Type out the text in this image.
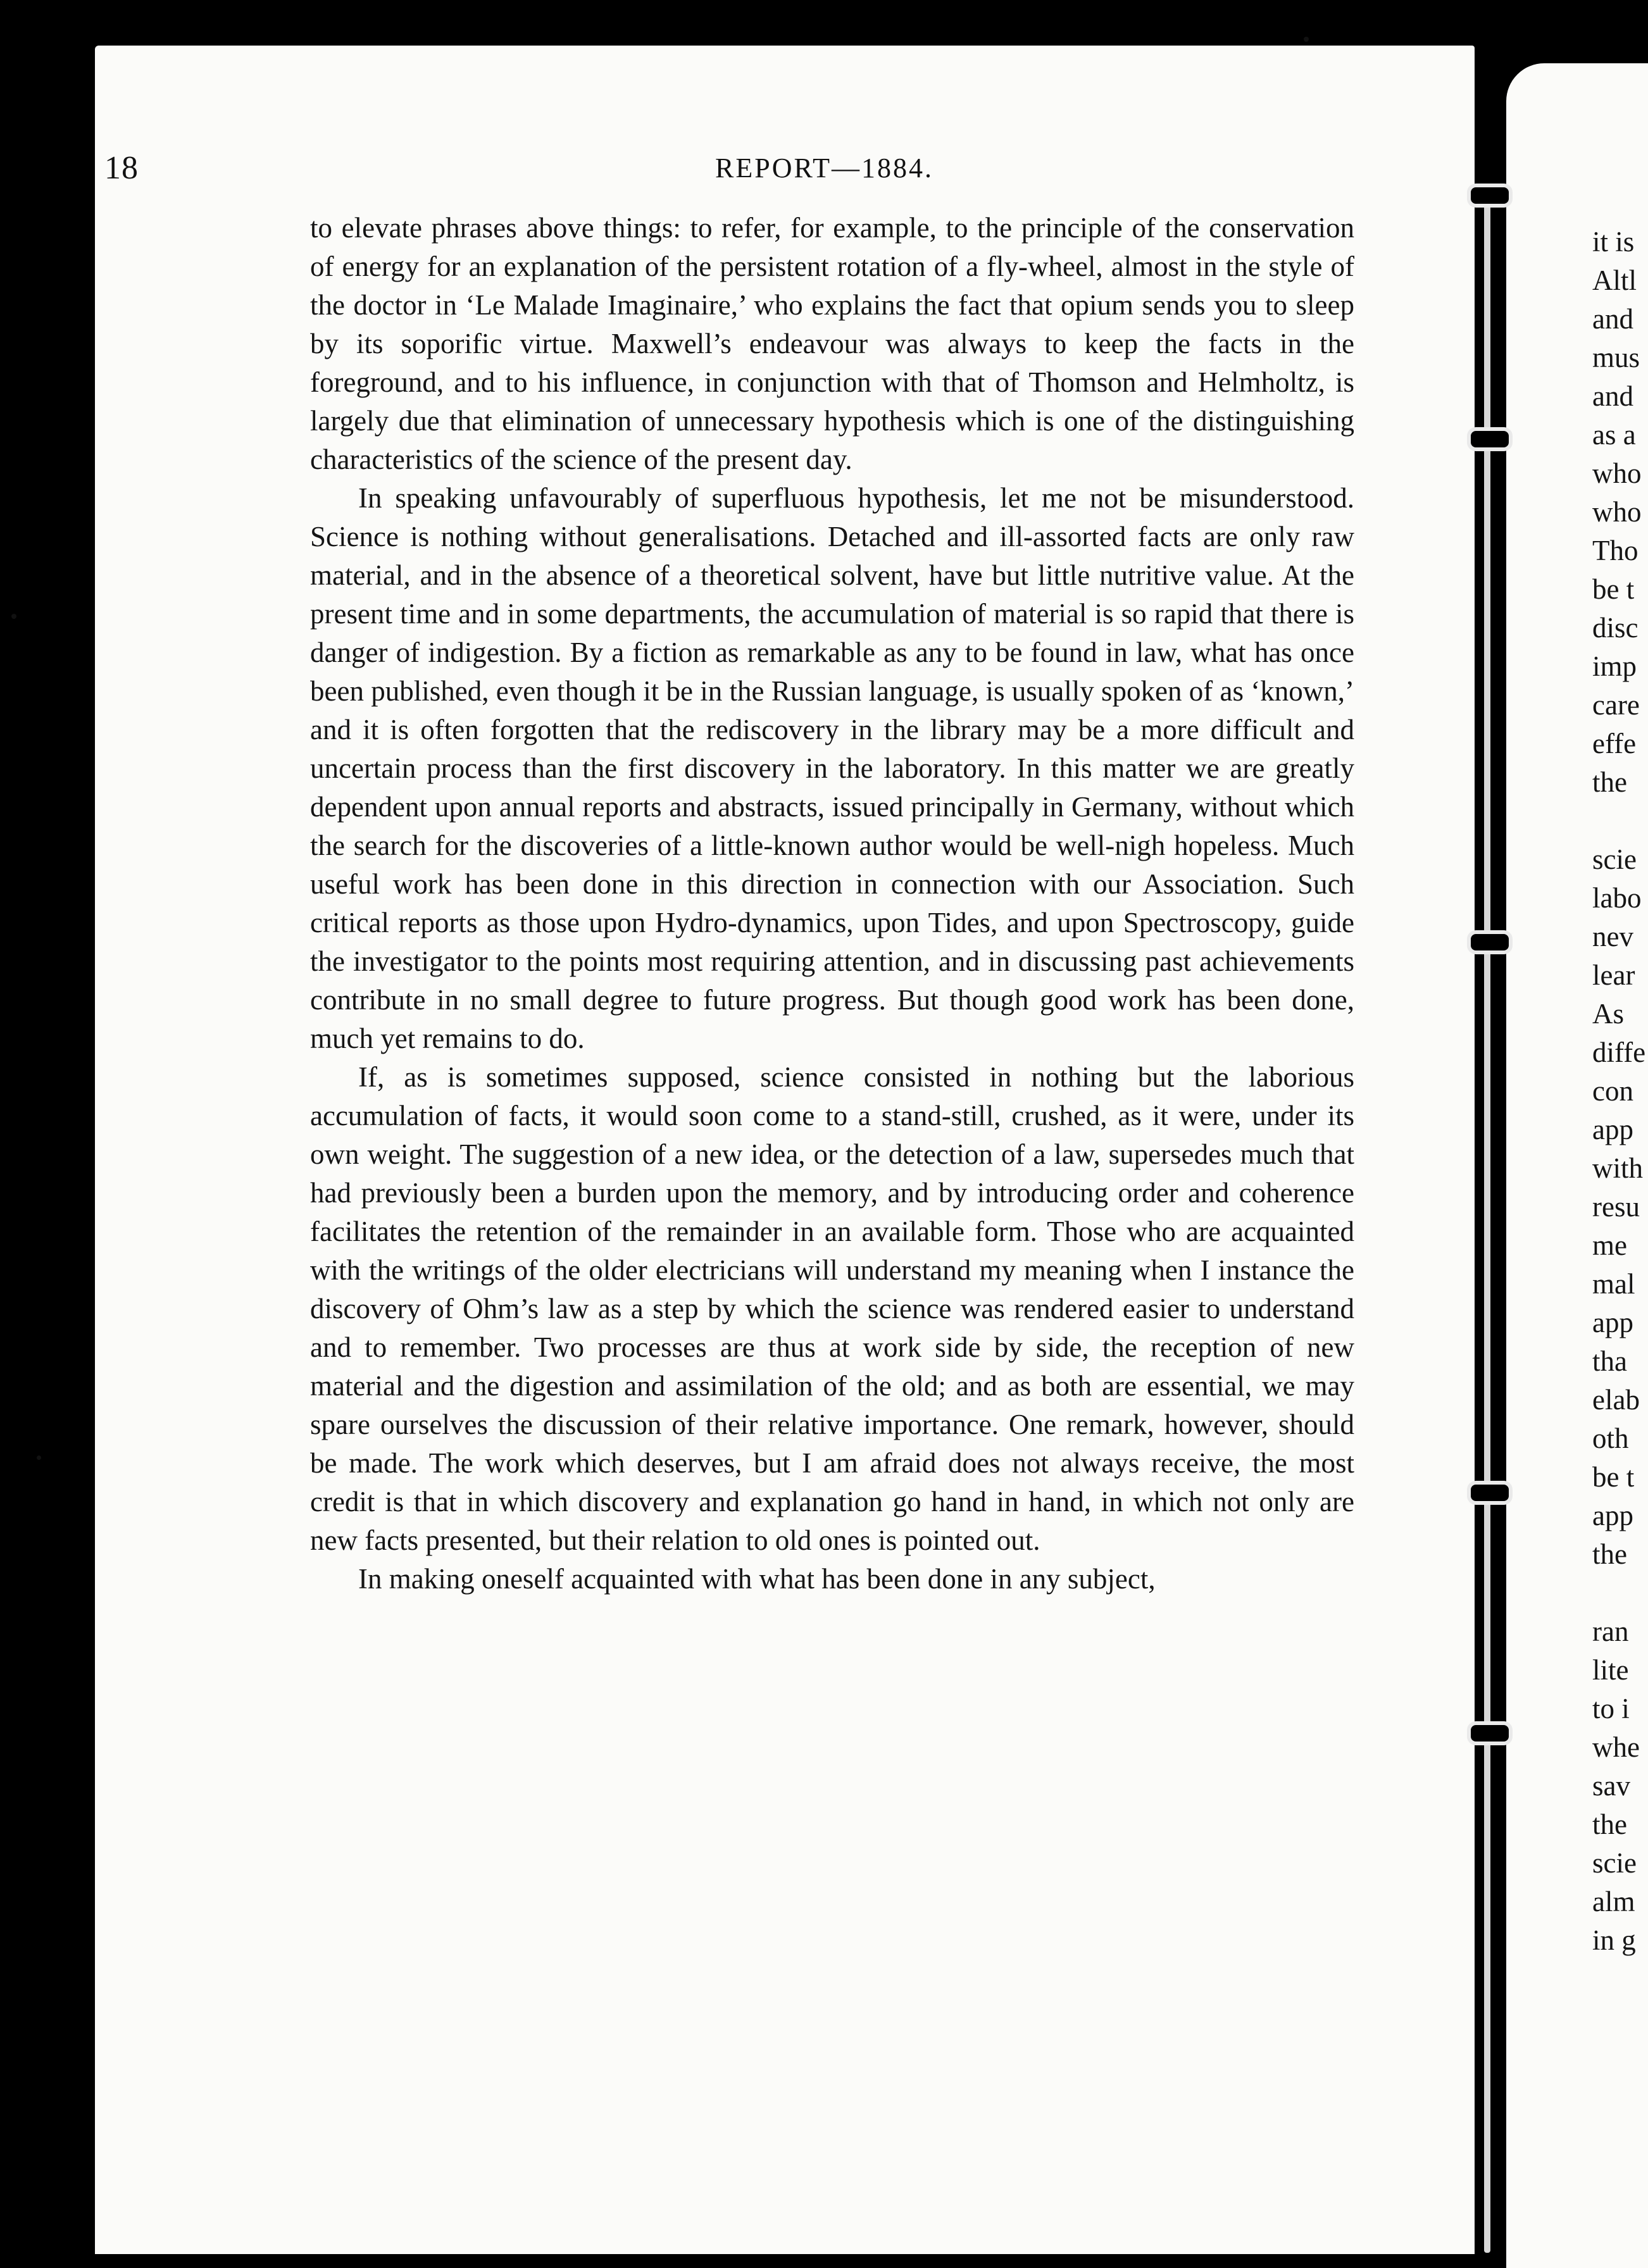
18	REPORT—1884.

to elevate phrases above things: to refer, for example, to the principle of the conservation of energy for an explanation of the persistent rotation of a fly-wheel, almost in the style of the doctor in ‘Le Malade Imaginaire,’ who explains the fact that opium sends you to sleep by its soporific virtue. Maxwell’s endeavour was always to keep the facts in the foreground, and to his influence, in conjunction with that of Thomson and Helmholtz, is largely due that elimination of unnecessary hypothesis which is one of the distinguishing characteristics of the science of the present day.

In speaking unfavourably of superfluous hypothesis, let me not be misunderstood. Science is nothing without generalisations. Detached and ill-assorted facts are only raw material, and in the absence of a theoretical solvent, have but little nutritive value. At the present time and in some departments, the accumulation of material is so rapid that there is danger of indigestion. By a fiction as remarkable as any to be found in law, what has once been published, even though it be in the Russian language, is usually spoken of as ‘known,’ and it is often forgotten that the rediscovery in the library may be a more difficult and uncertain process than the first discovery in the laboratory. In this matter we are greatly dependent upon annual reports and abstracts, issued principally in Germany, without which the search for the discoveries of a little-known author would be well-nigh hopeless. Much useful work has been done in this direction in connection with our Association. Such critical reports as those upon Hydro-dynamics, upon Tides, and upon Spectroscopy, guide the investigator to the points most requiring attention, and in discussing past achievements contribute in no small degree to future progress. But though good work has been done, much yet remains to do.

If, as is sometimes supposed, science consisted in nothing but the laborious accumulation of facts, it would soon come to a stand-still, crushed, as it were, under its own weight. The suggestion of a new idea, or the detection of a law, supersedes much that had previously been a burden upon the memory, and by introducing order and coherence facilitates the retention of the remainder in an available form. Those who are acquainted with the writings of the older electricians will understand my meaning when I instance the discovery of Ohm’s law as a step by which the science was rendered easier to understand and to remember. Two processes are thus at work side by side, the reception of new material and the digestion and assimilation of the old; and as both are essential, we may spare ourselves the discussion of their relative importance. One remark, however, should be made. The work which deserves, but I am afraid does not always receive, the most credit is that in which discovery and explanation go hand in hand, in which not only are new facts presented, but their relation to old ones is pointed out.

In making oneself acquainted with what has been done in any subject,

it is
Altl
and
mus
and
as a
who
who
Tho
be t
disc
imp
care
effe
the
scie
labo
nev
lear
As
diffe
con
app
with
resu
me
mal
app
tha
elab
oth
be t
app
the
ran
lite
to i
whe
sav
the
scie
alm
in g
